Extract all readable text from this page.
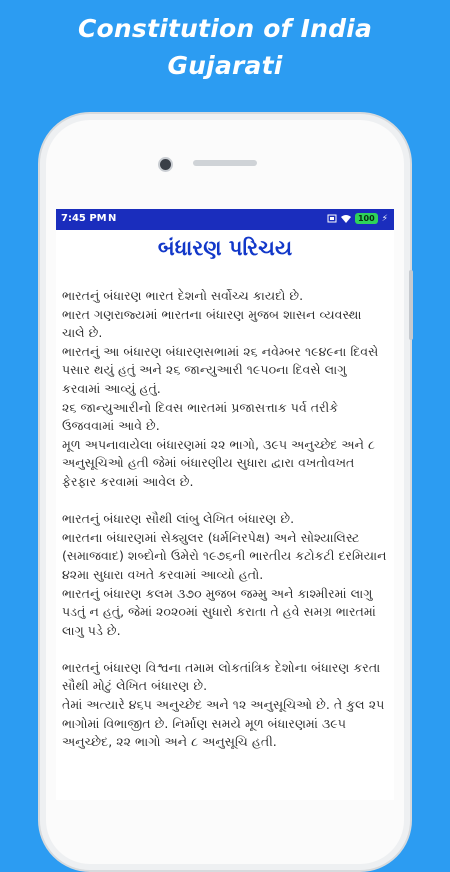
Constitution of India
Gujarati
7:45 PM N	100 ⚡
બંધારણ પરિચય

ભારતનું બંધારણ ભારત દેશનો સર્વોચ્ચ કાયદો છે.

ભારત ગણરાજ્યમાં ભારતના બંધારણ મુજબ શાસન વ્યવસ્થા ચાલે છે.

ભારતનું આ બંધારણ બંધારણસભામાં ૨૬ નવેમ્બર ૧૯૪૯ના દિવસે પસાર થયું હતું અને ૨૬ જાન્યુઆરી ૧૯૫૦ના દિવસે લાગુ કરવામાં આવ્યું હતું.

૨૬ જાન્યુઆરીનો દિવસ ભારતમાં પ્રજાસત્તાક પર્વ તરીકે ઉજવવામાં આવે છે.

મૂળ અપનાવાયેલા બંધારણમાં ૨૨ ભાગો, ૩૯૫ અનુચ્છેદ અને ૮ અનુસૂચિઓ હતી જેમાં બંધારણીય સુધારા દ્વારા વખતોવખત ફેરફાર કરવામાં આવેલ છે.

ભારતનું બંધારણ સૌથી લાંબુ લેખિત બંધારણ છે.

ભારતના બંધારણમાં સેક્યુલર (ધર્મનિરપેક્ષ) અને સોશ્યાલિસ્ટ (સમાજવાદ) શબ્દોનો ઉમેરો ૧૯૭૬ની ભારતીય કટોકટી દરમિયાન ૪૨મા સુધારા વખતે કરવામાં આવ્યો હતો.

ભારતનું બંધારણ કલમ ૩૭૦ મુજબ જમ્મુ અને કાશ્મીરમાં લાગુ પડતું ન હતું, જેમાં ૨૦૨૦માં સુધારો કરાતા તે હવે સમગ્ર ભારતમાં લાગુ પડે છે.

ભારતનું બંધારણ વિશ્વના તમામ લોકતાંત્રિક દેશોના બંધારણ કરતા સૌથી મોટું લેખિત બંધારણ છે.

તેમાં અત્યારે ૪૬૫ અનુચ્છેદ અને ૧૨ અનુસૂચિઓ છે. તે કુલ ૨૫ ભાગોમાં વિભાજીત છે. નિર્માણ સમયે મૂળ બંધારણમાં ૩૯૫ અનુચ્છેદ, ૨૨ ભાગો અને ૮ અનુસૂચિ હતી.
